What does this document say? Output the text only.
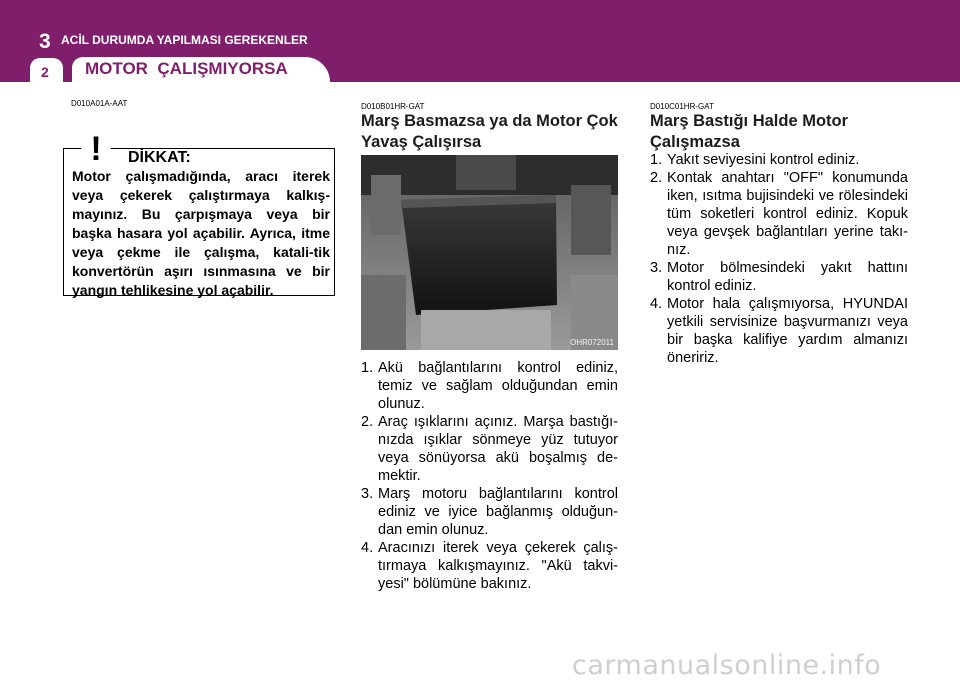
3 ACİL DURUMDA YAPILMASI GEREKENLER
2 MOTOR  ÇALIŞMIYORSA
D010A01A-AAT
! DİKKAT:
Motor çalışmadığında, aracı iterek veya çekerek çalıştırmaya kalkış-mayınız. Bu çarpışmaya veya bir başka hasara yol açabilir. Ayrıca, itme veya çekme ile çalışma, katali-tik konvertörün aşırı ısınmasına ve bir yangın tehlikesine yol açabilir.
D010B01HR-GAT
Marş Basmazsa ya da Motor Çok Yavaş Çalışırsa
OHR072011
1. Akü bağlantılarını kontrol ediniz, temiz ve sağlam olduğundan emin olunuz.
2. Araç ışıklarını açınız. Marşa bastığı-nızda ışıklar sönmeye yüz tutuyor veya sönüyorsa akü boşalmış de-mektir.
3. Marş motoru bağlantılarını kontrol ediniz ve iyice bağlanmış olduğun-dan emin olunuz.
4. Aracınızı iterek veya çekerek çalış-tırmaya kalkışmayınız. "Akü takvi-yesi" bölümüne bakınız.
D010C01HR-GAT
Marş Bastığı Halde Motor Çalışmazsa
1. Yakıt seviyesini kontrol ediniz.
2. Kontak anahtarı "OFF" konumunda iken, ısıtma bujisindeki ve rölesindeki tüm soketleri kontrol ediniz. Kopuk veya gevşek bağlantıları yerine takı-nız.
3. Motor bölmesindeki yakıt hattını kontrol ediniz.
4. Motor hala çalışmıyorsa, HYUNDAI yetkili servisinize başvurmanızı veya bir başka kalifiye yardım almanızı öneririz.
carmanualsonline.info
